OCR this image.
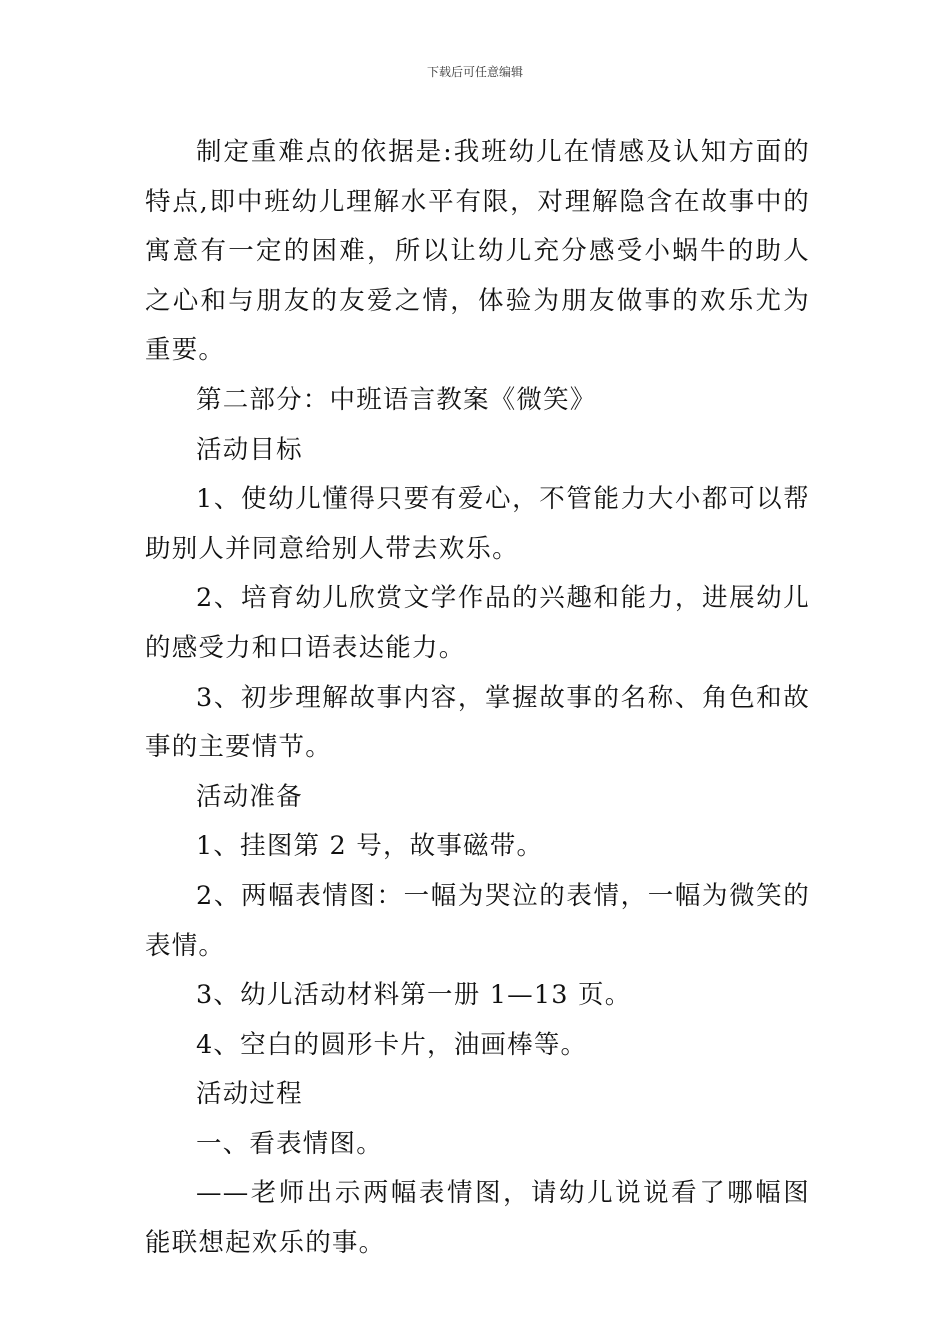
下载后可任意编辑

制定重难点的依据是:我班幼儿在情感及认知方面的特点,即中班幼儿理解水平有限，对理解隐含在故事中的寓意有一定的困难，所以让幼儿充分感受小蜗牛的助人之心和与朋友的友爱之情，体验为朋友做事的欢乐尤为重要。

第二部分：中班语言教案《微笑》

活动目标

1、使幼儿懂得只要有爱心，不管能力大小都可以帮助别人并同意给别人带去欢乐。

2、培育幼儿欣赏文学作品的兴趣和能力，进展幼儿的感受力和口语表达能力。

3、初步理解故事内容，掌握故事的名称、角色和故事的主要情节。

活动准备

1、挂图第 2 号，故事磁带。

2、两幅表情图：一幅为哭泣的表情，一幅为微笑的表情。

3、幼儿活动材料第一册 1—13 页。

4、空白的圆形卡片，油画棒等。

活动过程

一、看表情图。

——老师出示两幅表情图，请幼儿说说看了哪幅图能联想起欢乐的事。
